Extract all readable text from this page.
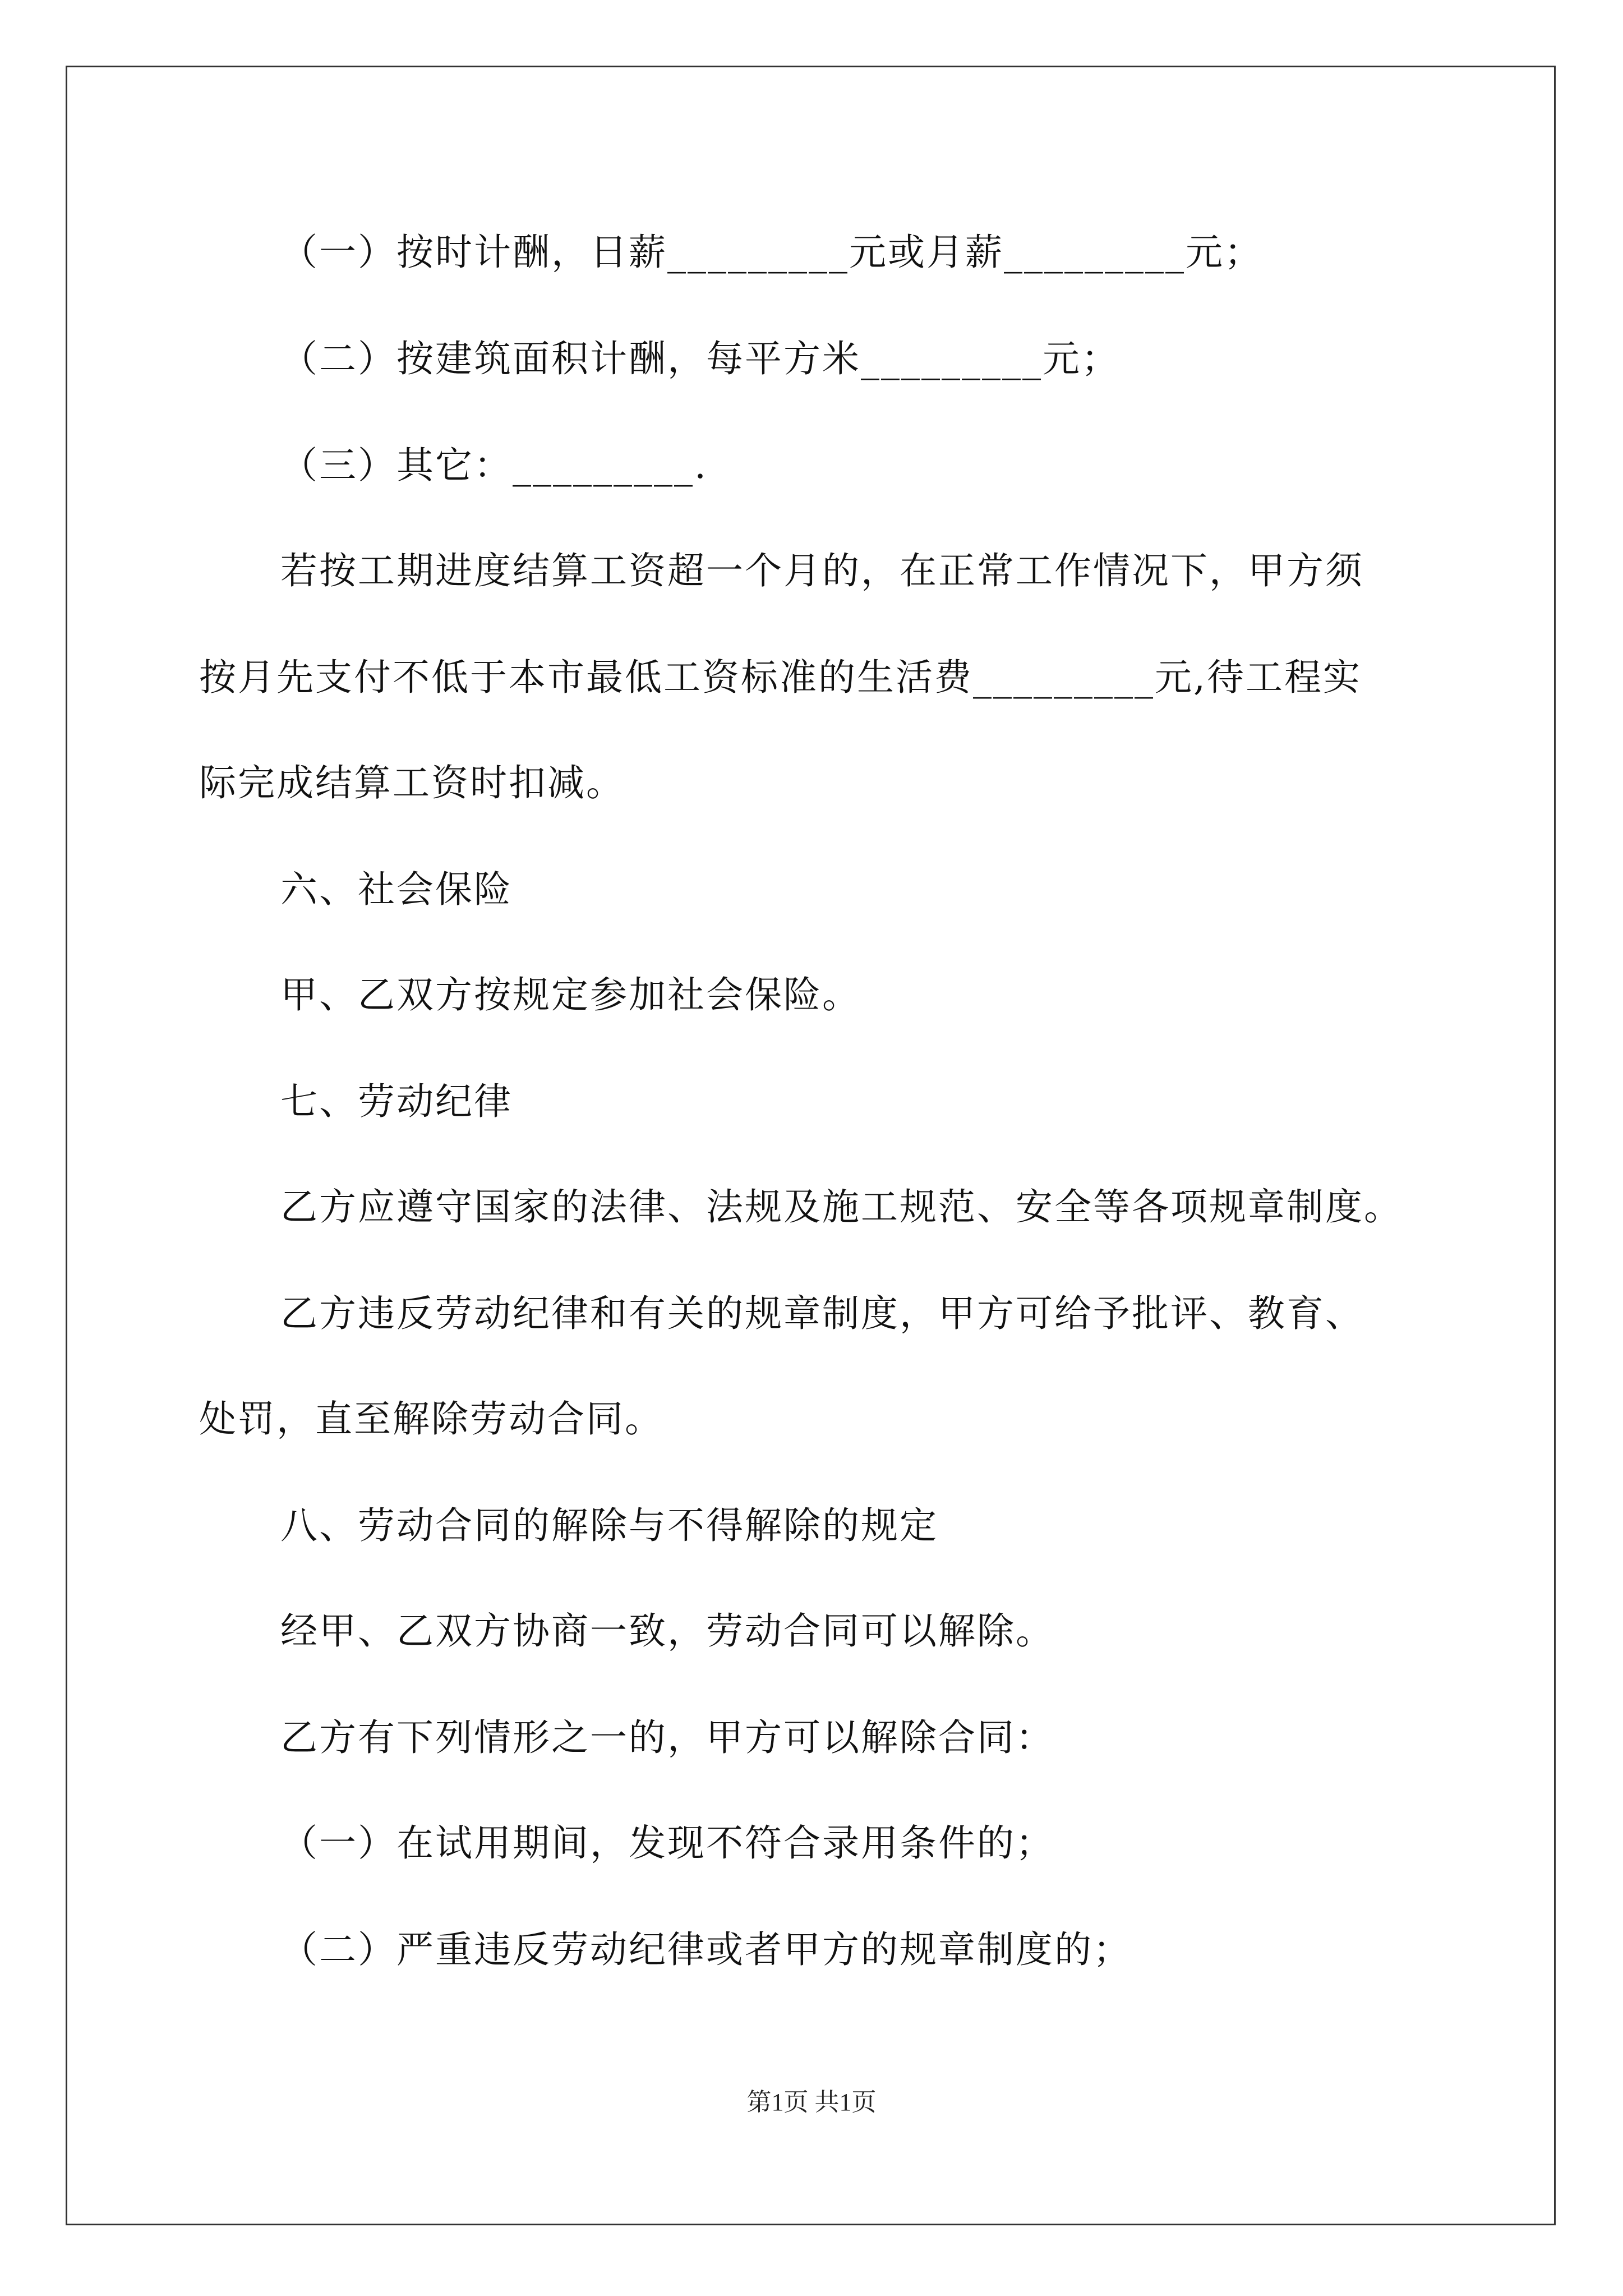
（一）按时计酬，日薪_________元或月薪_________元；
（二）按建筑面积计酬，每平方米_________元；
（三）其它：_________.
若按工期进度结算工资超一个月的，在正常工作情况下，甲方须
按月先支付不低于本市最低工资标准的生活费_________元,待工程实
际完成结算工资时扣减。
六、社会保险
甲、乙双方按规定参加社会保险。
七、劳动纪律
乙方应遵守国家的法律、法规及施工规范、安全等各项规章制度。
乙方违反劳动纪律和有关的规章制度，甲方可给予批评、教育、
处罚，直至解除劳动合同。
八、劳动合同的解除与不得解除的规定
经甲、乙双方协商一致，劳动合同可以解除。
乙方有下列情形之一的，甲方可以解除合同：
（一）在试用期间，发现不符合录用条件的；
（二）严重违反劳动纪律或者甲方的规章制度的；
第1页 共1页
